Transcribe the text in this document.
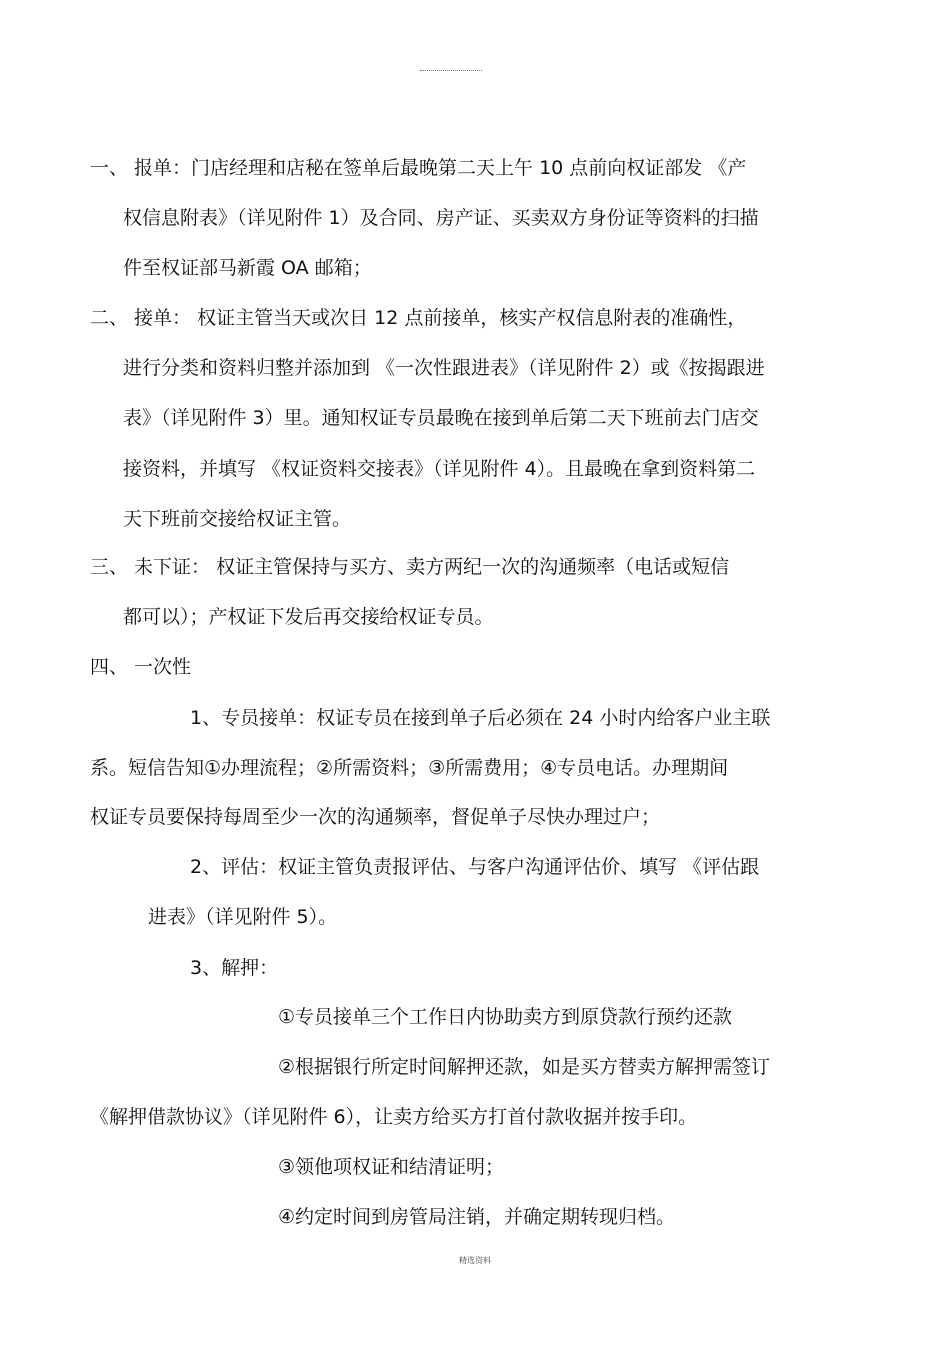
一、 报单：门店经理和店秘在签单后最晚第二天上午 10 点前向权证部发 《产
权信息附表》（详见附件 1）及合同、房产证、买卖双方身份证等资料的扫描
件至权证部马新霞 OA 邮箱；
二、 接单： 权证主管当天或次日 12 点前接单，核实产权信息附表的准确性，
进行分类和资料归整并添加到 《一次性跟进表》（详见附件 2）或《按揭跟进
表》（详见附件 3）里。通知权证专员最晚在接到单后第二天下班前去门店交
接资料，并填写 《权证资料交接表》（详见附件 4）。且最晚在拿到资料第二
天下班前交接给权证主管。
三、 未下证： 权证主管保持与买方、卖方两纪一次的沟通频率（电话或短信
都可以）；产权证下发后再交接给权证专员。
四、 一次性
1、专员接单：权证专员在接到单子后必须在 24 小时内给客户业主联
系。短信告知①办理流程；②所需资料；③所需费用；④专员电话。办理期间
权证专员要保持每周至少一次的沟通频率，督促单子尽快办理过户；
2、评估：权证主管负责报评估、与客户沟通评估价、填写 《评估跟
进表》（详见附件 5）。
3、解押：
①专员接单三个工作日内协助卖方到原贷款行预约还款
②根据银行所定时间解押还款，如是买方替卖方解押需签订
《解押借款协议》（详见附件 6），让卖方给买方打首付款收据并按手印。
③领他项权证和结清证明；
④约定时间到房管局注销，并确定期转现归档。
精选资料
